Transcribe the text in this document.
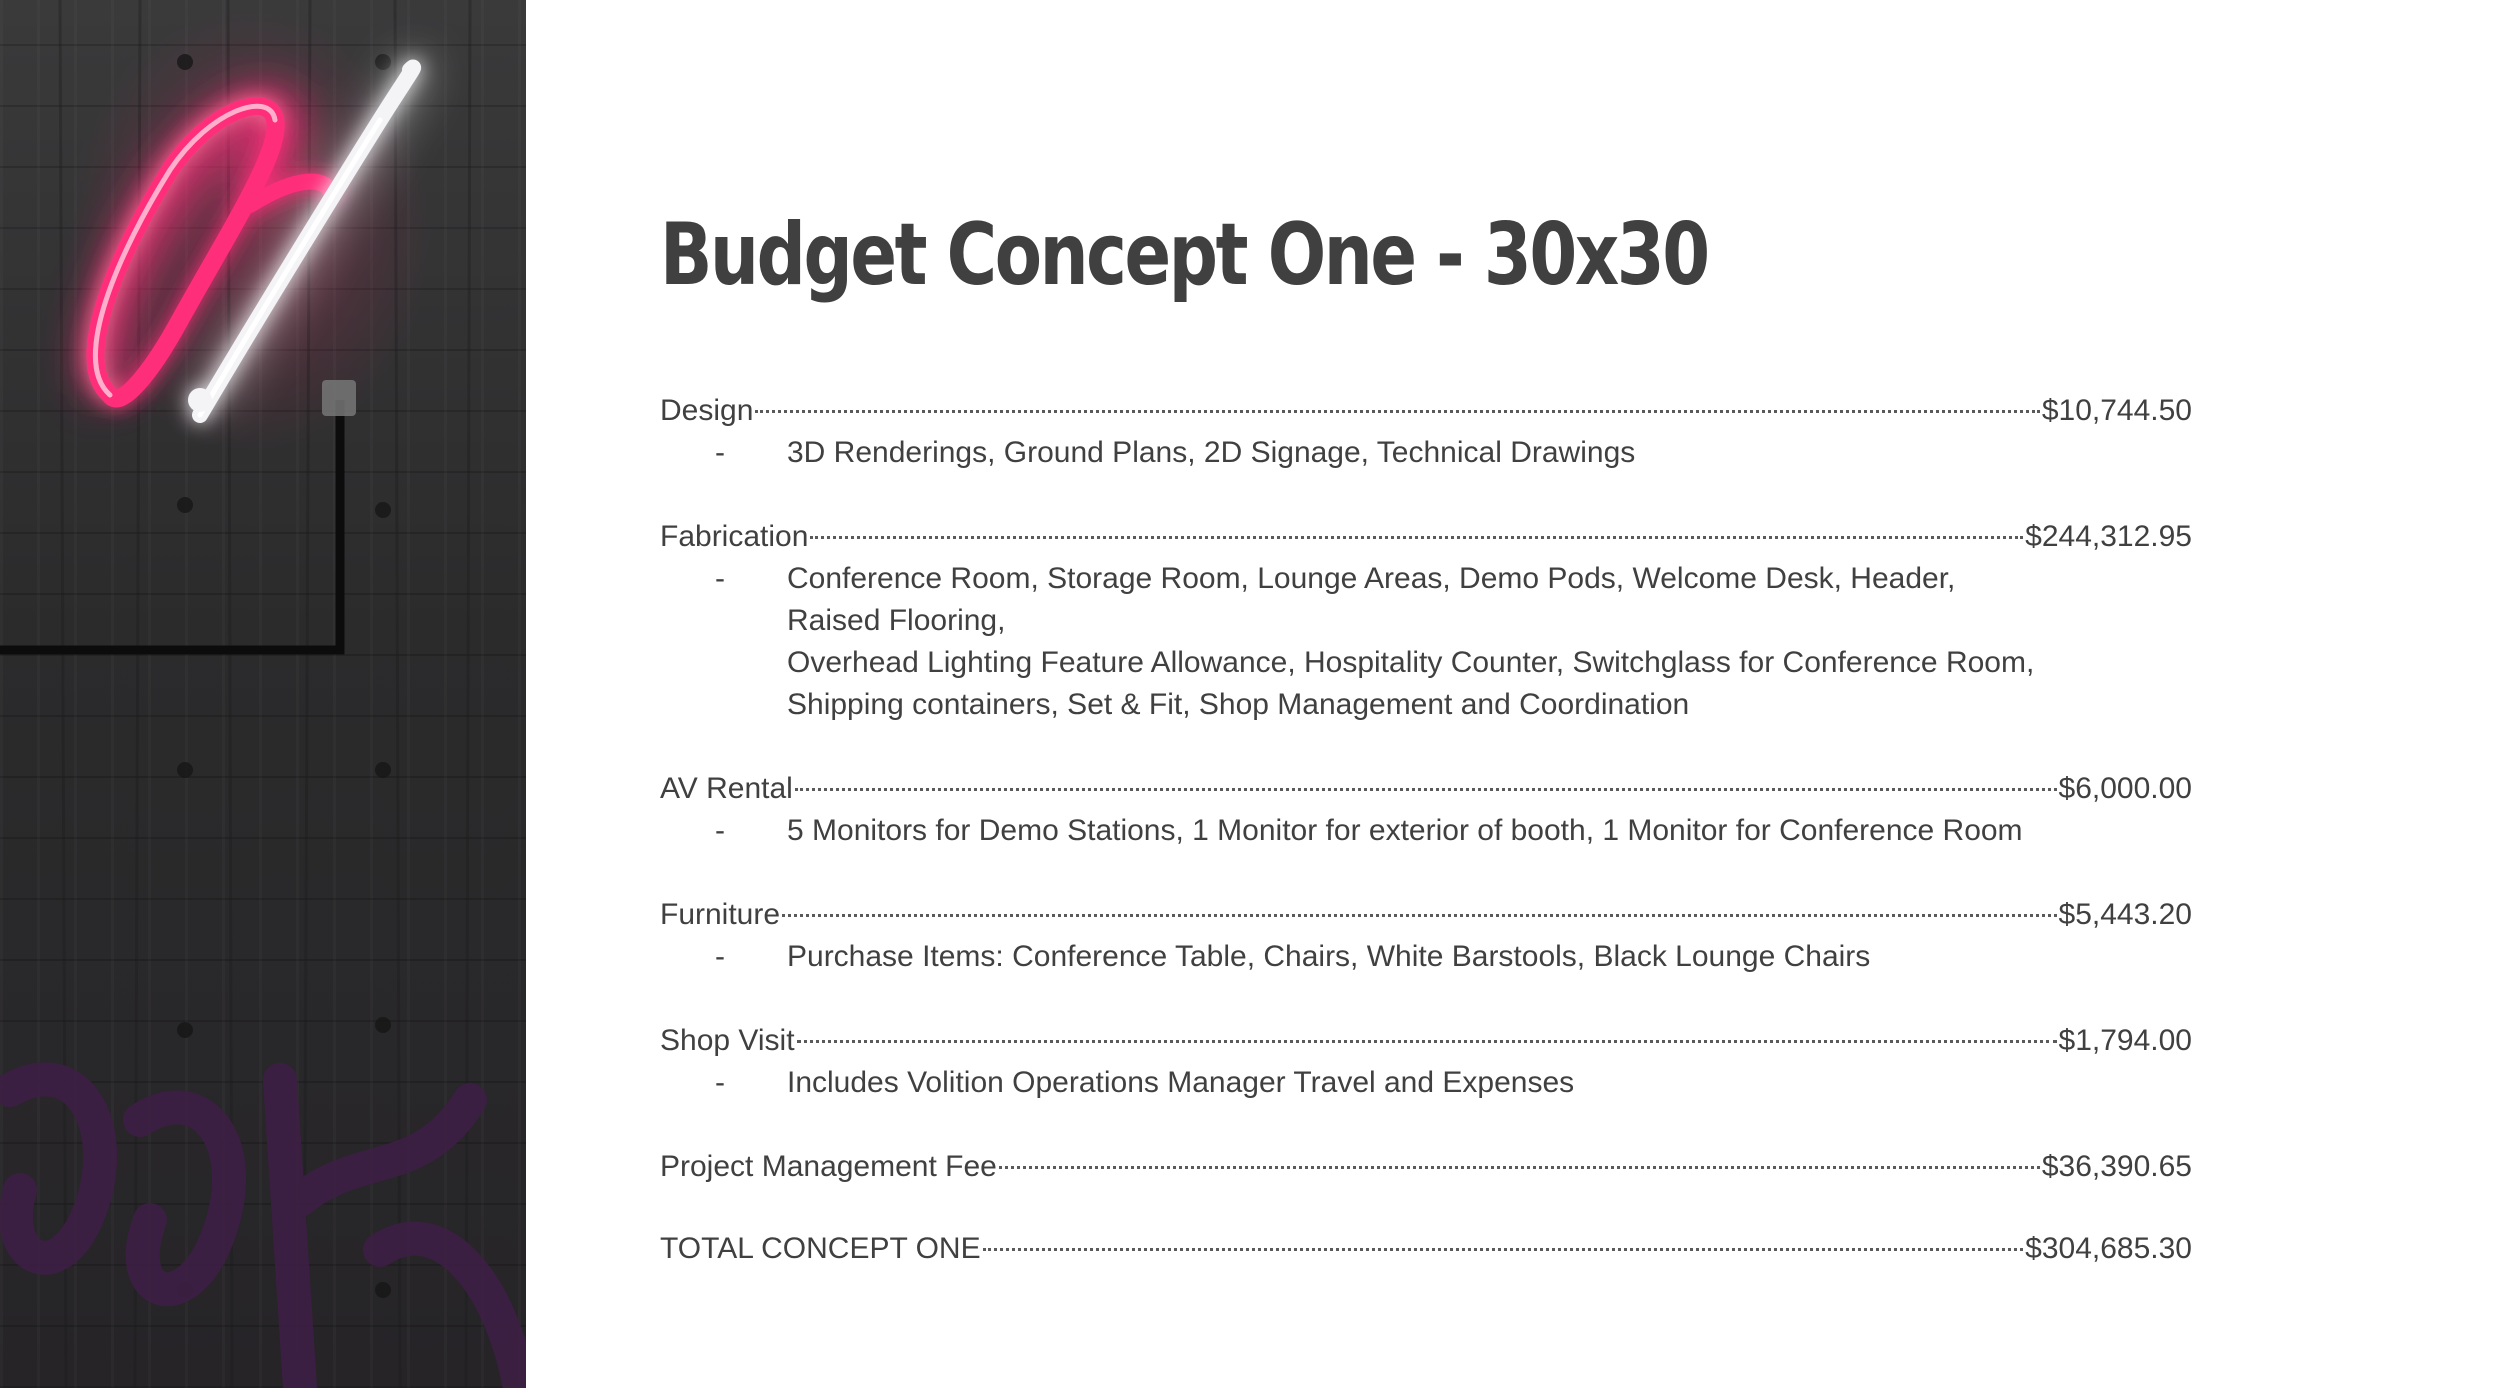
Budget Concept One - 30x30
Design	$10,744.50
- 3D Renderings, Ground Plans, 2D Signage, Technical Drawings
Fabrication	$244,312.95
- Conference Room, Storage Room, Lounge Areas, Demo Pods, Welcome Desk, Header, Raised Flooring,
Overhead Lighting Feature Allowance, Hospitality Counter, Switchglass for Conference Room,
Shipping containers, Set & Fit, Shop Management and Coordination
AV Rental	$6,000.00
- 5 Monitors for Demo Stations, 1 Monitor for exterior of booth, 1 Monitor for Conference Room
Furniture	$5,443.20
- Purchase Items: Conference Table, Chairs, White Barstools, Black Lounge Chairs
Shop Visit	$1,794.00
- Includes Volition Operations Manager Travel and Expenses
Project Management Fee	$36,390.65
TOTAL CONCEPT ONE	$304,685.30
